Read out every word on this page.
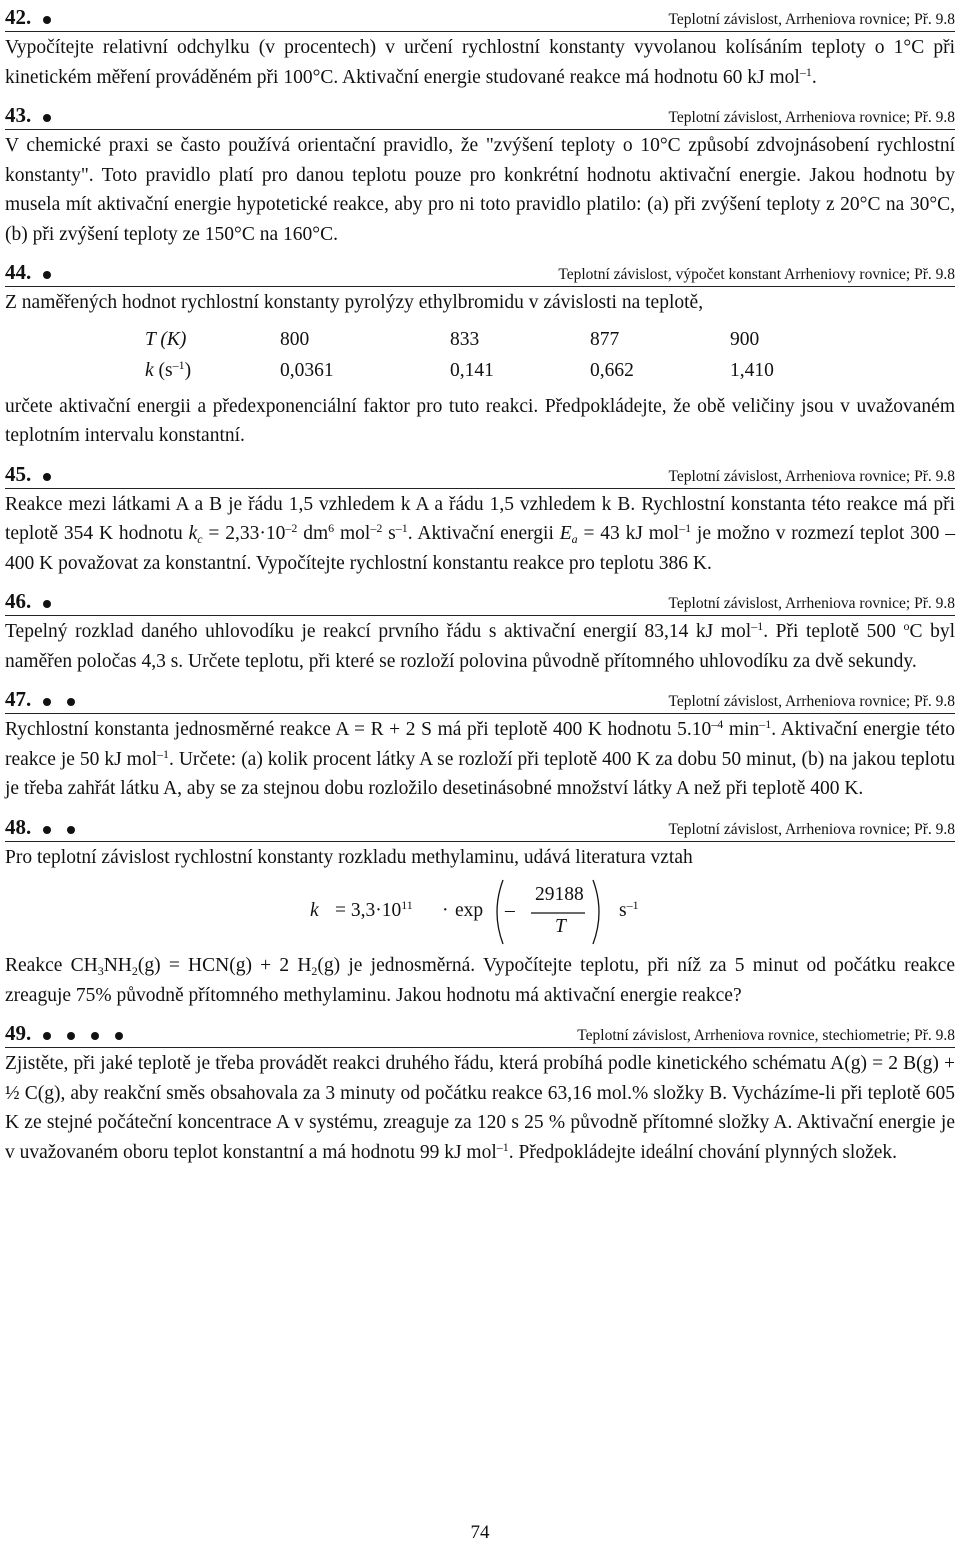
42.	Teplotní závislost, Arrheniova rovnice; Př. 9.8
Vypočítejte relativní odchylku (v procentech) v určení rychlostní konstanty vyvolanou kolísáním teploty o 1°C při kinetickém měření prováděném při 100°C. Aktivační energie studované reakce má hodnotu 60 kJ mol$^{-1}$.
43.	Teplotní závislost, Arrheniova rovnice; Př. 9.8
V chemické praxi se často používá orientační pravidlo, že "zvýšení teploty o 10°C způsobí zdvojnásobení rychlostní konstanty". Toto pravidlo platí pro danou teplotu pouze pro konkrétní hodnotu aktivační energie. Jakou hodnotu by musela mít aktivační energie hypotetické reakce, aby pro ni toto pravidlo platilo: (a) při zvýšení teploty z 20°C na 30°C, (b) při zvýšení teploty ze 150°C na 160°C.
44.	Teplotní závislost, výpočet konstant Arrheniovy rovnice; Př. 9.8
Z naměřených hodnot rychlostní konstanty pyrolýzy ethylbromidu v závislosti na teplotě,
T (K)	800	833	877	900
k $(s^{-1})$	0,0361	0,141	0,662	1,410
určete aktivační energii a předexponenciální faktor pro tuto reakci. Předpokládejte, že obě veličiny jsou v uvažovaném teplotním intervalu konstantní.
45.	Teplotní závislost, Arrheniova rovnice; Př. 9.8
Reakce mezi látkami A a B je řádu 1,5 vzhledem k A a řádu 1,5 vzhledem k B. Rychlostní konstanta této reakce má při teplotě 354 K hodnotu $k_c = 2,33\cdot 10^{-2}$ $dm^6$ mol$^{-2}$ $s^{-1}$. Aktivační energii $E_a = 43$ kJ mol$^{-1}$ je možno v rozmezí teplot 300 – 400 K považovat za konstantní. Vypočítejte rychlostní konstantu reakce pro teplotu 386 K.
46.	Teplotní závislost, Arrheniova rovnice; Př. 9.8
Tepelný rozklad daného uhlovodíku je reakcí prvního řádu s aktivační energií 83,14 kJ mol$^{-1}$. Při teplotě 500 $^o$C byl naměřen poločas 4,3 s. Určete teplotu, při které se rozloží polovina původně přítomného uhlovodíku za dvě sekundy.
47.	Teplotní závislost, Arrheniova rovnice; Př. 9.8
Rychlostní konstanta jednosměrné reakce A = R + 2 S má při teplotě 400 K hodnotu $5.10^{-4}$ $\min^{-1}$. Aktivační energie této reakce je 50 kJ mol$^{-1}$. Určete: (a) kolik procent látky A se rozloží při teplotě 400 K za dobu 50 minut, (b) na jakou teplotu je třeba zahřát látku A, aby se za stejnou dobu rozložilo desetinásobné množství látky A než při teplotě 400 K.
48.	Teplotní závislost, Arrheniova rovnice; Př. 9.8
Pro teplotní závislost rychlostní konstanty rozkladu methylaminu, udává literatura vztah
$k = 3,3\cdot 10^{11} \cdot \exp$ –
29188
T
$s^{-1}$
Reakce $CH_3NH_2(g) = HCN(g) + 2$ $H_2(g)$ je jednosměrná. Vypočítejte teplotu, při níž za 5 minut od počátku reakce zreaguje 75% původně přítomného methylaminu. Jakou hodnotu má aktivační energie reakce?
49.	Teplotní závislost, Arrheniova rovnice, stechiometrie; Př. 9.8
Zjistěte, při jaké teplotě je třeba provádět reakci druhého řádu, která probíhá podle kinetického schématu A(g) = 2 B(g) + ½ C(g), aby reakční směs obsahovala za 3 minuty od počátku reakce 63,16 mol.% složky B. Vycházíme-li při teplotě 605 K ze stejné počáteční koncentrace A v systému, zreaguje za 120 s 25 % původně přítomné složky A. Aktivační energie je v uvažovaném oboru teplot konstantní a má hodnotu 99 kJ mol$^{-1}$. Předpokládejte ideální chování plynných složek.
74
